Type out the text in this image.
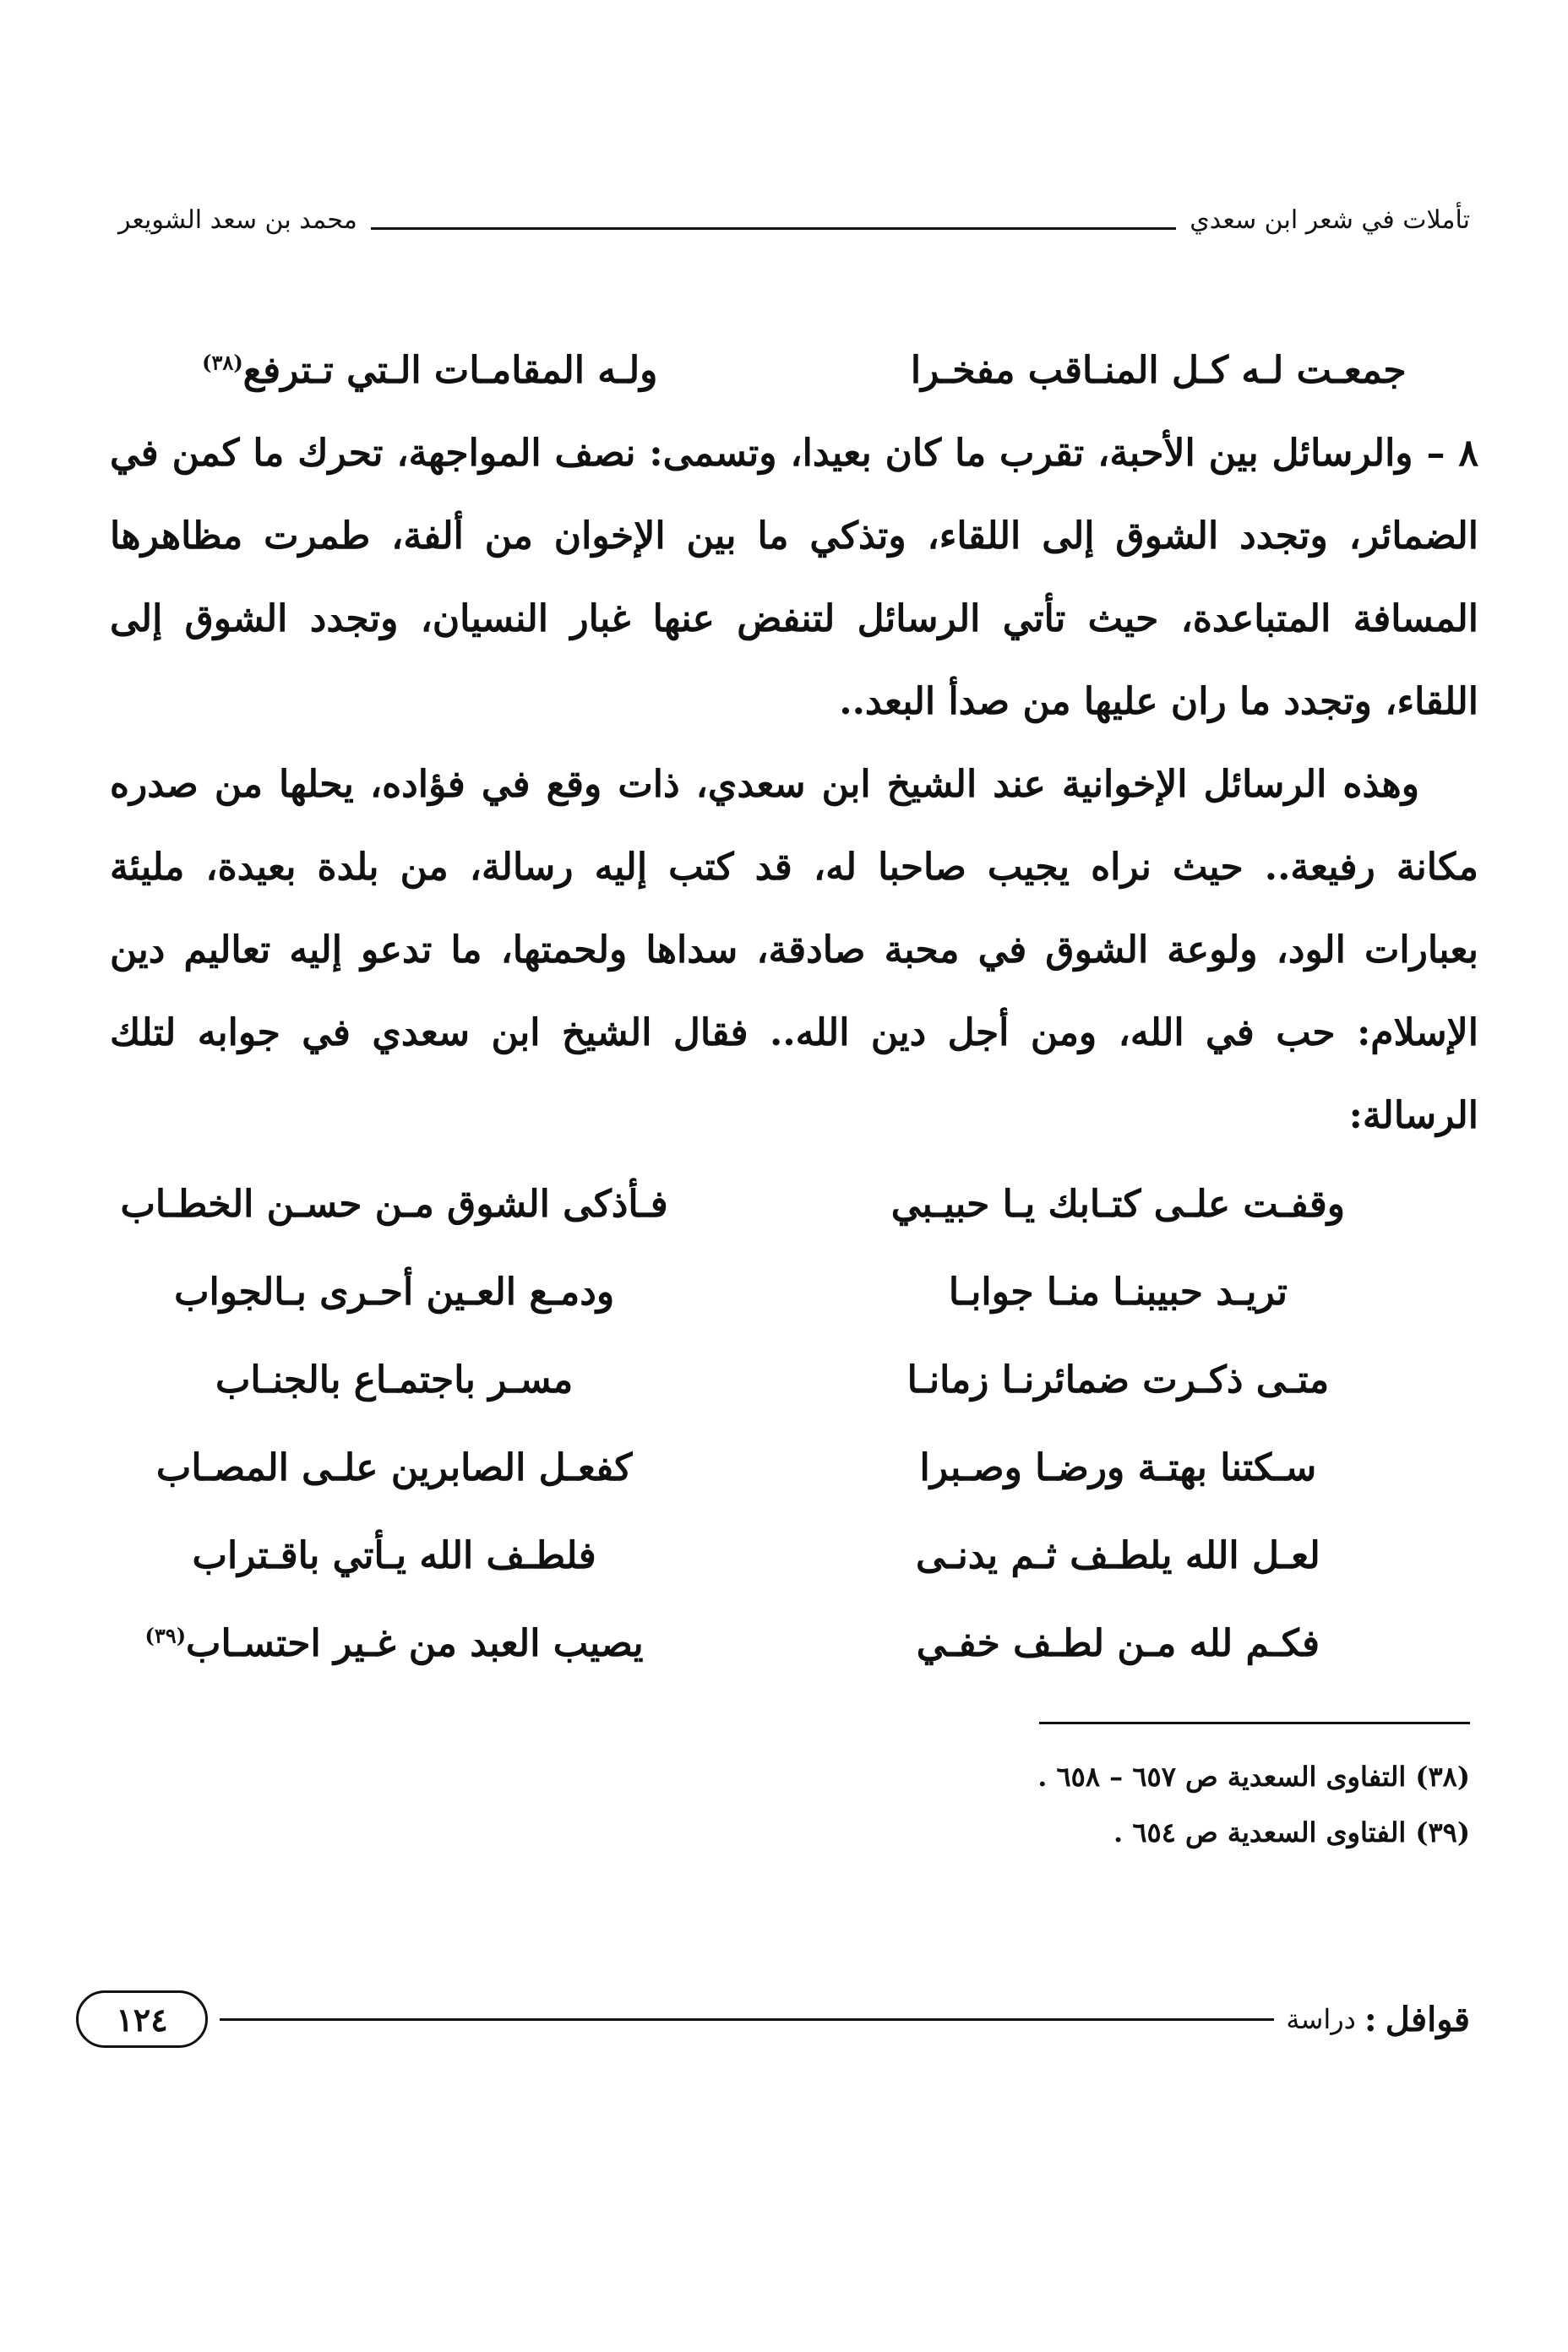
تأملات في شعر ابن سعدي
محمد بن سعد الشويعر
جمعـت لـه كـل المنـاقب مفخـرا
ولـه المقامـات الـتي تـترفع$^{(٣٨)}$

٨ – والرسائل بين الأحبة، تقرب ما كان بعيدا، وتسمى: نصف المواجهة، تحرك ما كمن في الضمائر، وتجدد الشوق إلى اللقاء، وتذكي ما بين الإخوان من ألفة، طمرت مظاهرها المسافة المتباعدة، حيث تأتي الرسائل لتنفض عنها غبار النسيان، وتجدد الشوق إلى اللقاء، وتجدد ما ران عليها من صدأ البعد..

وهذه الرسائل الإخوانية عند الشيخ ابن سعدي، ذات وقع في فؤاده، يحلها من صدره مكانة رفيعة.. حيث نراه يجيب صاحبا له، قد كتب إليه رسالة، من بلدة بعيدة، مليئة بعبارات الود، ولوعة الشوق في محبة صادقة، سداها ولحمتها، ما تدعو إليه تعاليم دين الإسلام: حب في الله، ومن أجل دين الله.. فقال الشيخ ابن سعدي في جوابه لتلك الرسالة:

وقفـت علـى كتـابك يـا حبيـبي
فـأذكى الشوق مـن حسـن الخطـاب
تريـد حبيبنـا منـا جوابـا
ودمـع العـين أحـرى بـالجواب
متـى ذكـرت ضمائرنـا زمانـا
مسـر باجتمـاع بالجنـاب
سـكتنا بهتـة ورضـا وصـبرا
كفعـل الصابرين علـى المصـاب
لعـل الله يلطـف ثـم يدنـى
فلطـف الله يـأتي باقـتراب
فكـم لله مـن لطـف خفـي
يصيب العبد من غـير احتسـاب$^{(٣٩)}$
(٣٨) التفاوى السعدية ص ٦٥٧ – ٦٥٨ .
(٣٩) الفتاوى السعدية ص ٦٥٤ .
قوافل
:
دراسة
١٢٤
